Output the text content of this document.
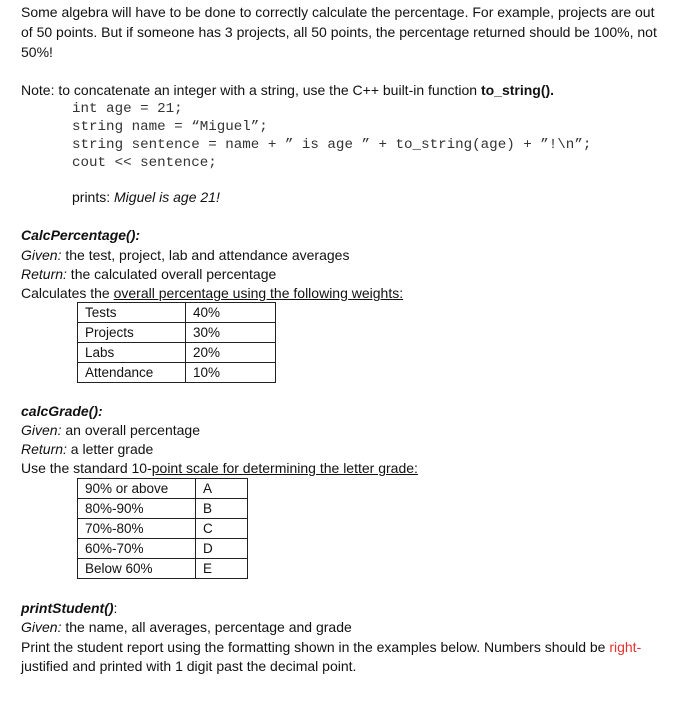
Some algebra will have to be done to correctly calculate the percentage. For example, projects are out
of 50 points. But if someone has 3 projects, all 50 points, the percentage returned should be 100%, not
50%!
Note: to concatenate an integer with a string, use the C++ built-in function to_string().
int age = 21;
string name = “Miguel”;
string sentence = name + ” is age ” + to_string(age) + ”!\n”;
cout << sentence;
prints: Miguel is age 21!
CalcPercentage():
Given: the test, project, lab and attendance averages
Return: the calculated overall percentage
Calculates the overall percentage using the following weights:
Tests	40%
Projects	30%
Labs	20%
Attendance	10%
calcGrade():
Given: an overall percentage
Return: a letter grade
Use the standard 10-point scale for determining the letter grade:
90% or above	A
80%-90%	B
70%-80%	C
60%-70%	D
Below 60%	E
printStudent():
Given: the name, all averages, percentage and grade
Print the student report using the formatting shown in the examples below. Numbers should be right-
justified and printed with 1 digit past the decimal point.
